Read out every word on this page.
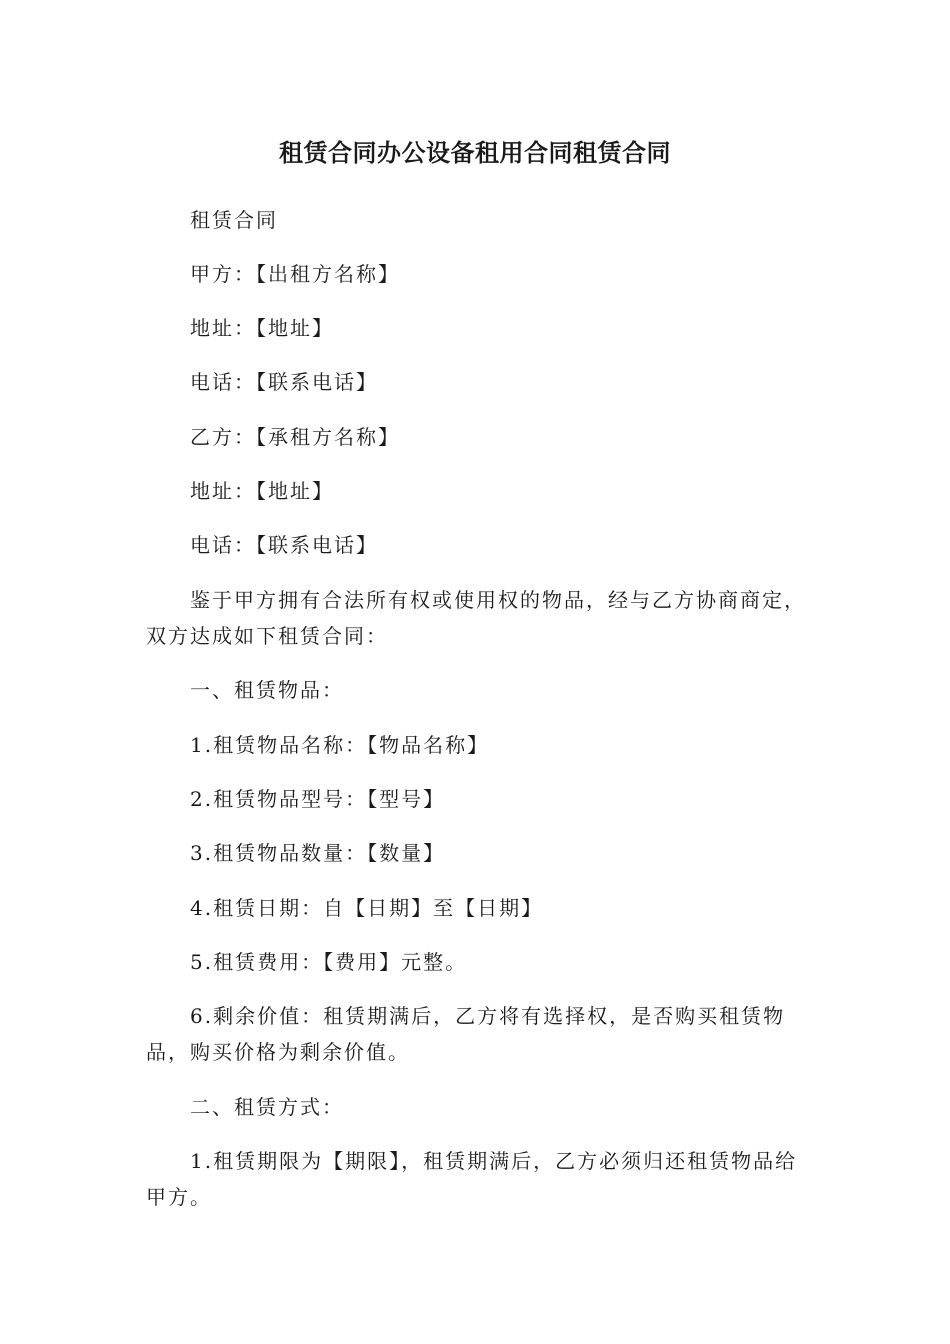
租赁合同办公设备租用合同租赁合同
租赁合同
甲方：【出租方名称】
地址：【地址】
电话：【联系电话】
乙方：【承租方名称】
地址：【地址】
电话：【联系电话】
鉴于甲方拥有合法所有权或使用权的物品，经与乙方协商商定，双方达成如下租赁合同：
一、租赁物品：
1.租赁物品名称：【物品名称】
2.租赁物品型号：【型号】
3.租赁物品数量：【数量】
4.租赁日期：自【日期】至【日期】
5.租赁费用：【费用】元整。
6.剩余价值：租赁期满后，乙方将有选择权，是否购买租赁物品，购买价格为剩余价值。
二、租赁方式：
1.租赁期限为【期限】，租赁期满后，乙方必须归还租赁物品给甲方。
